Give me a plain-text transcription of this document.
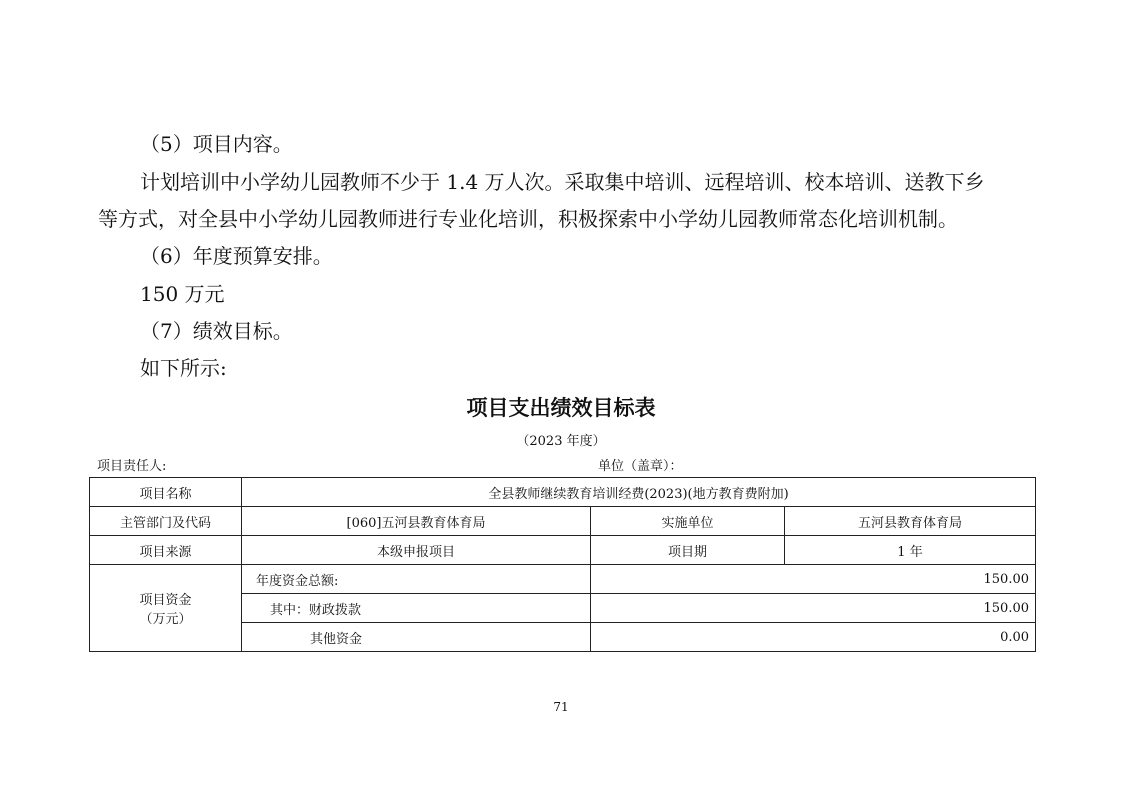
（5）项目内容。
计划培训中小学幼儿园教师不少于 1.4 万人次。采取集中培训、远程培训、校本培训、送教下乡
等方式，对全县中小学幼儿园教师进行专业化培训，积极探索中小学幼儿园教师常态化培训机制。
（6）年度预算安排。
150 万元
（7）绩效目标。
如下所示:
项目支出绩效目标表
（2023 年度）
项目责任人:	单位（盖章）：
项目名称	全县教师继续教育培训经费(2023)(地方教育费附加)		
主管部门及代码	[060]五河县教育体育局	实施单位	五河县教育体育局
项目来源	本级申报项目	项目期	1 年

项目资金
（万元）	年度资金总额:	150.00	
	其中：财政拨款	150.00	
	其他资金	0.00	
71
